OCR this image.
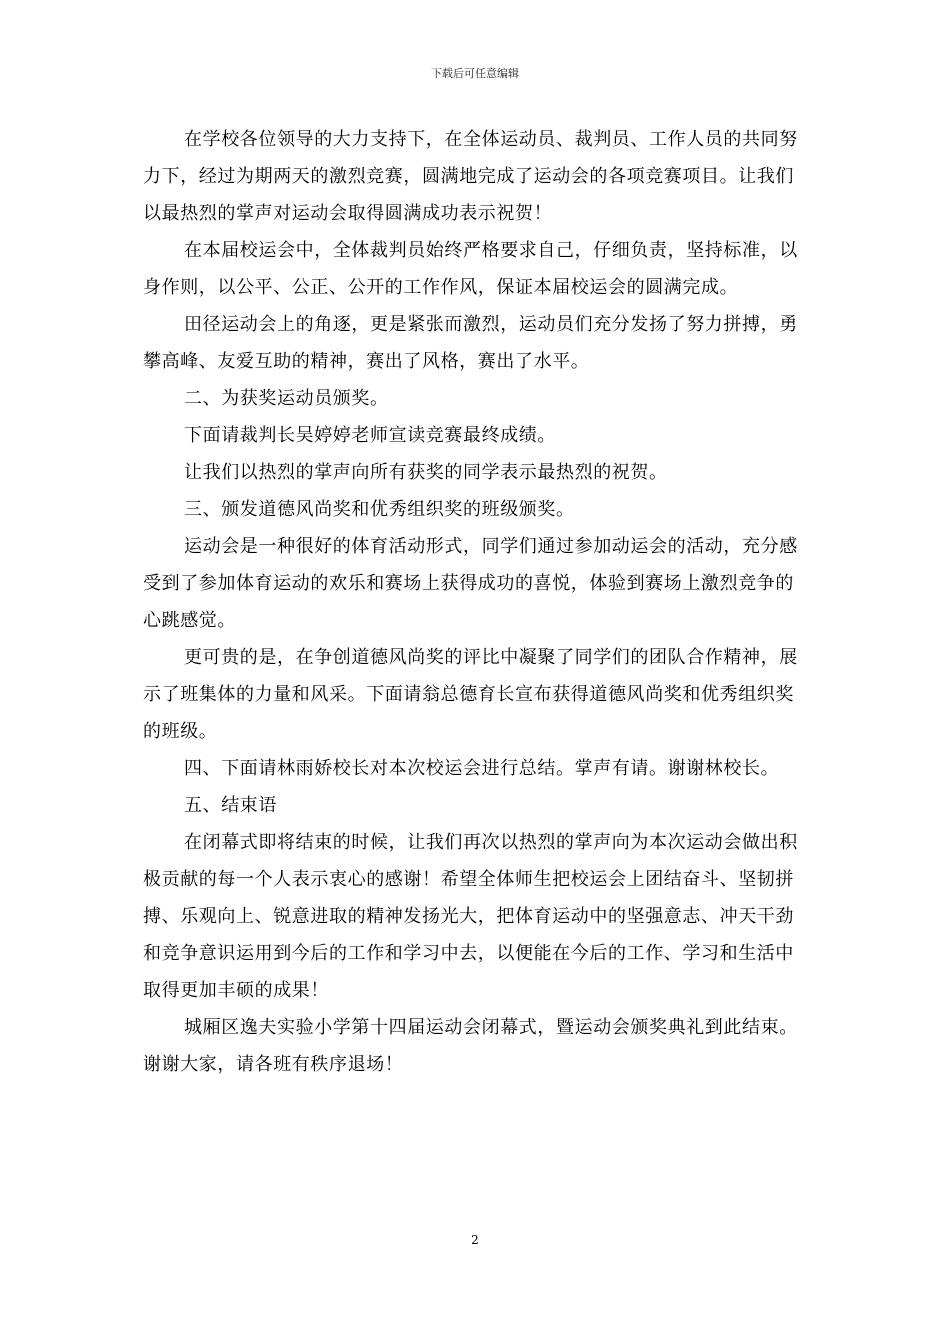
下载后可任意编辑

在学校各位领导的大力支持下，在全体运动员、裁判员、工作人员的共同努力下，经过为期两天的激烈竞赛，圆满地完成了运动会的各项竞赛项目。让我们以最热烈的掌声对运动会取得圆满成功表示祝贺！

在本届校运会中，全体裁判员始终严格要求自己，仔细负责，坚持标准，以身作则，以公平、公正、公开的工作作风，保证本届校运会的圆满完成。

田径运动会上的角逐，更是紧张而激烈，运动员们充分发扬了努力拼搏，勇攀高峰、友爱互助的精神，赛出了风格，赛出了水平。

二、为获奖运动员颁奖。

下面请裁判长吴婷婷老师宣读竞赛最终成绩。

让我们以热烈的掌声向所有获奖的同学表示最热烈的祝贺。

三、颁发道德风尚奖和优秀组织奖的班级颁奖。

运动会是一种很好的体育活动形式，同学们通过参加动运会的活动，充分感受到了参加体育运动的欢乐和赛场上获得成功的喜悦，体验到赛场上激烈竞争的心跳感觉。

更可贵的是，在争创道德风尚奖的评比中凝聚了同学们的团队合作精神，展示了班集体的力量和风采。下面请翁总德育长宣布获得道德风尚奖和优秀组织奖的班级。

四、下面请林雨娇校长对本次校运会进行总结。掌声有请。谢谢林校长。

五、结束语

在闭幕式即将结束的时候，让我们再次以热烈的掌声向为本次运动会做出积极贡献的每一个人表示衷心的感谢！希望全体师生把校运会上团结奋斗、坚韧拼搏、乐观向上、锐意进取的精神发扬光大，把体育运动中的坚强意志、冲天干劲和竞争意识运用到今后的工作和学习中去，以便能在今后的工作、学习和生活中取得更加丰硕的成果！

城厢区逸夫实验小学第十四届运动会闭幕式，暨运动会颁奖典礼到此结束。谢谢大家，请各班有秩序退场！

2
